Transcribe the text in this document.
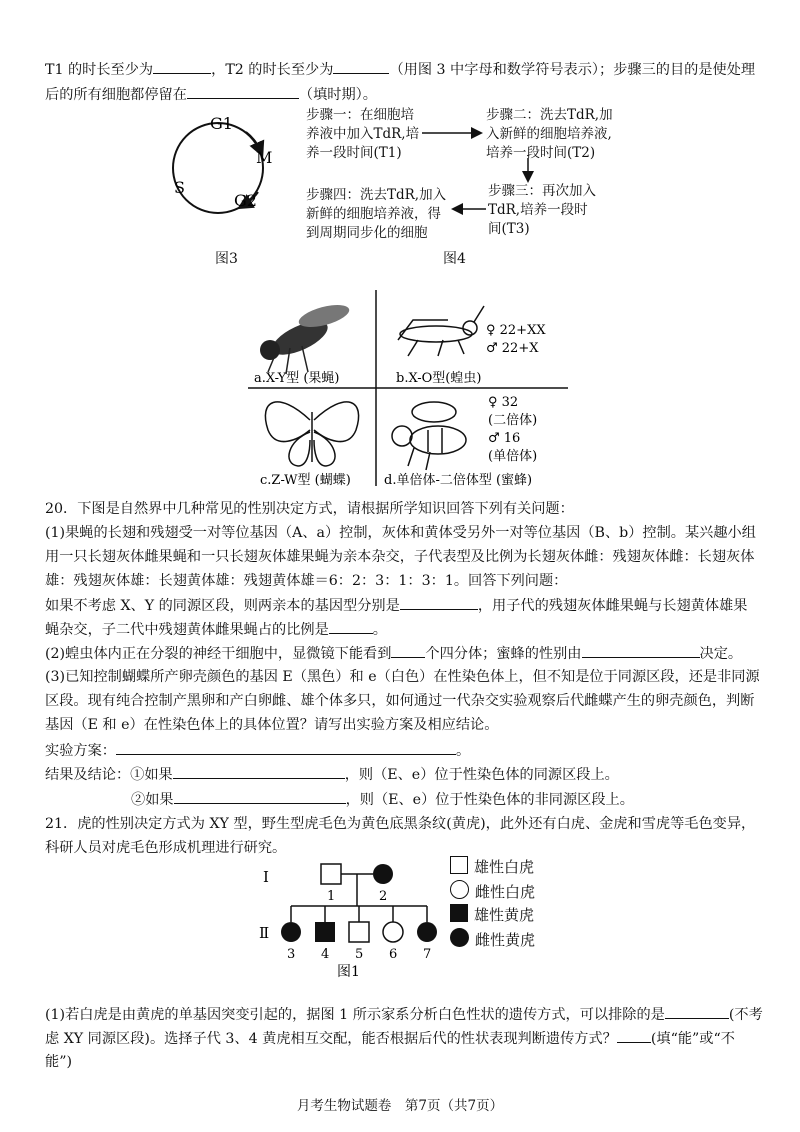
T1 的时长至少为	，T2 的时长至少为	（用图 3 中字母和数学符号表示）；步骤三的目的是使处理
后的所有细胞都停留在	（填时期）。
G1
M
S
G2
图3
步骤一：在细胞培
养液中加入TdR,培
养一段时间(T1)
步骤二：洗去TdR,加
入新鲜的细胞培养液,
培养一段时间(T2)
步骤三：再次加入
TdR,培养一段时
间(T3)
步骤四：洗去TdR,加入
新鲜的细胞培养液，得
到周期同步化的细胞
图4
♀ 22+XX
♂ 22+X
♀ 32
(二倍体)
♂ 16
(单倍体)
a.X-Y型 (果蝇)	b.X-O型(蝗虫)
c.Z-W型 (蝴蝶)	d.单倍体-二倍体型 (蜜蜂)
20．下图是自然界中几种常见的性别决定方式，请根据所学知识回答下列有关问题：
(1)果蝇的长翅和残翅受一对等位基因（A、a）控制，灰体和黄体受另外一对等位基因（B、b）控制。某兴趣小组
用一只长翅灰体雌果蝇和一只长翅灰体雄果蝇为亲本杂交，子代表型及比例为长翅灰体雌：残翅灰体雌：长翅灰体
雄：残翅灰体雄：长翅黄体雄：残翅黄体雄＝6：2：3：1：3：1。回答下列问题：
如果不考虑 X、Y 的同源区段，则两亲本的基因型分别是	，用子代的残翅灰体雌果蝇与长翅黄体雄果
蝇杂交，子二代中残翅黄体雌果蝇占的比例是	。
(2)蝗虫体内正在分裂的神经干细胞中，显微镜下能看到 个四分体；蜜蜂的性别由	决定。
(3)已知控制蝴蝶所产卵壳颜色的基因 E（黑色）和 e（白色）在性染色体上，但不知是位于同源区段，还是非同源
区段。现有纯合控制产黑卵和产白卵雌、雄个体多只，如何通过一代杂交实验观察后代雌蝶产生的卵壳颜色，判断
基因（E 和 e）在性染色体上的具体位置？请写出实验方案及相应结论。
实验方案：	。
结果及结论：①如果	，则（E、e）位于性染色体的同源区段上。
②如果	，则（E、e）位于性染色体的非同源区段上。
21．虎的性别决定方式为 XY 型，野生型虎毛色为黄色底黑条纹(黄虎)，此外还有白虎、金虎和雪虎等毛色变异，
科研人员对虎毛色形成机理进行研究。
Ⅰ
Ⅱ
1	2
3 4 5 6 7
图1
雄性白虎
雌性白虎
雄性黄虎
雌性黄虎
(1)若白虎是由黄虎的单基因突变引起的，据图 1 所示家系分析白色性状的遗传方式，可以排除的是	(不考
虑 XY 同源区段)。选择子代 3、4 黄虎相互交配，能否根据后代的性状表现判断遗传方式？ (填“能”或“不
能”)
月考生物试题卷　第7页（共7页）
